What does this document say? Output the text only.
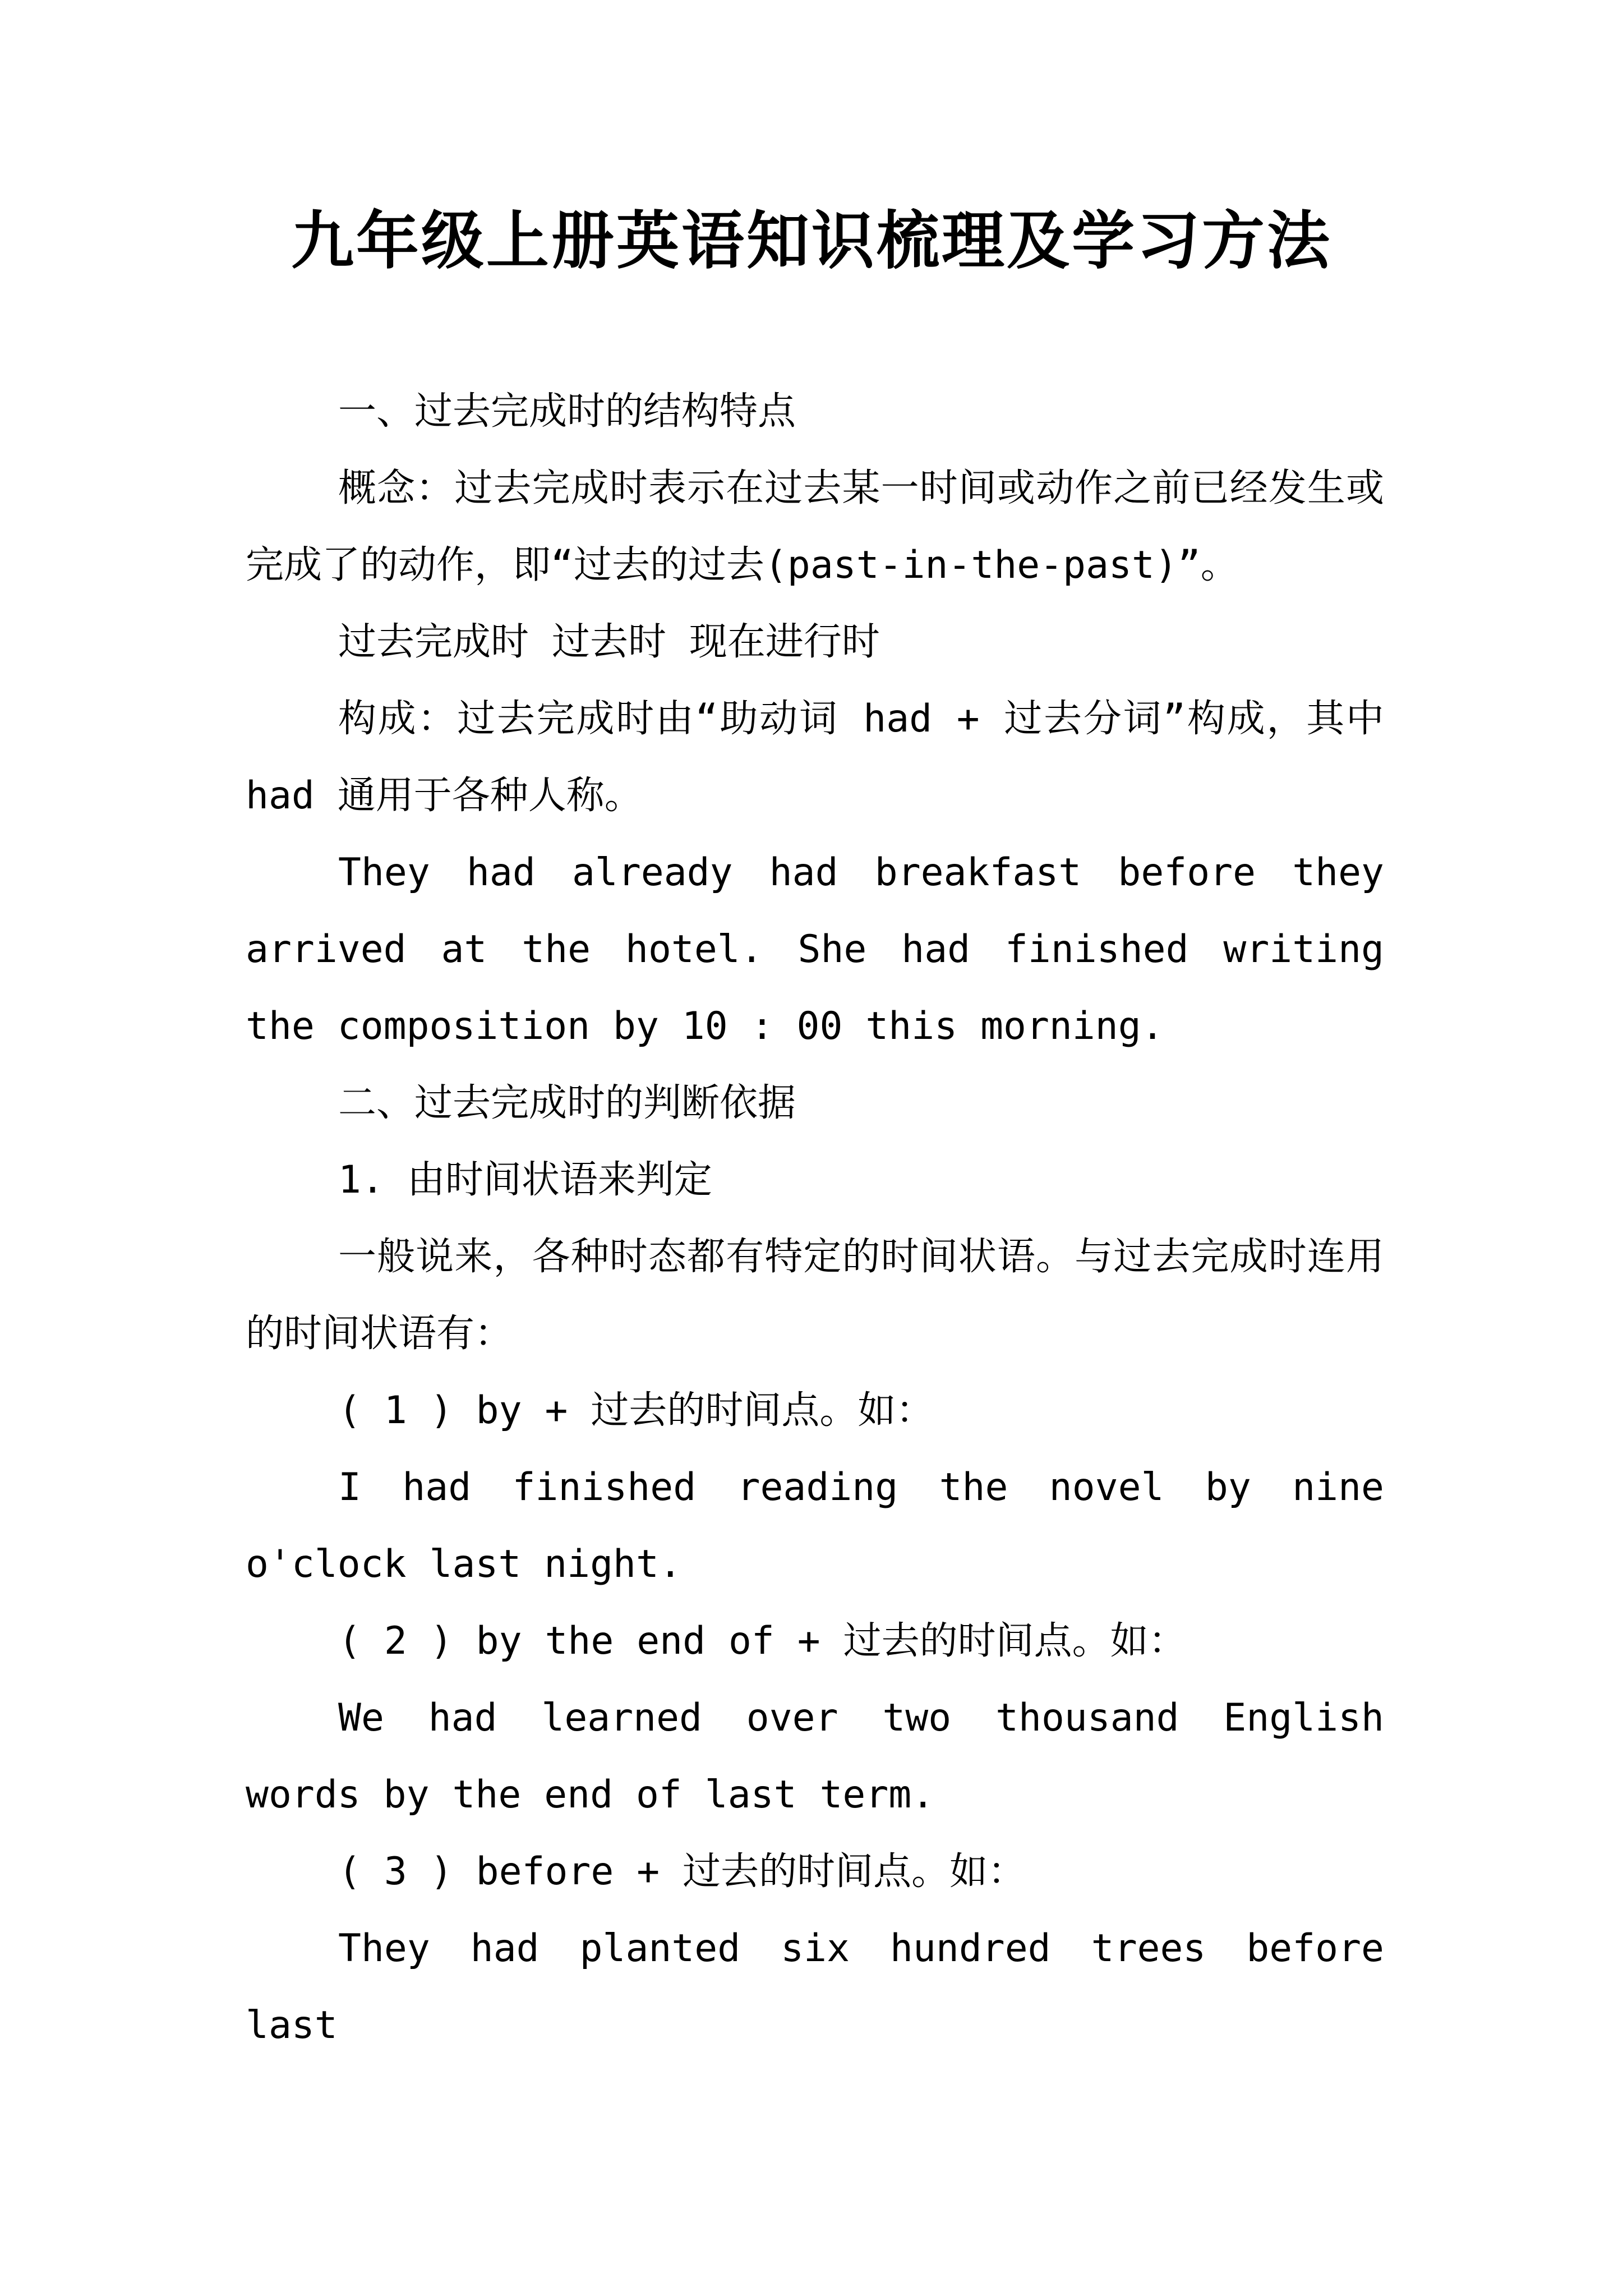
九年级上册英语知识梳理及学习方法

一、过去完成时的结构特点

概念：过去完成时表示在过去某一时间或动作之前已经发生或完成了的动作，即“过去的过去(past-in-the-past)”。

过去完成时 过去时 现在进行时

构成：过去完成时由“助动词 had + 过去分词”构成，其中 had 通用于各种人称。

They had already had breakfast before they arrived at the hotel. She had finished writing the composition by 10 : 00 this morning.

二、过去完成时的判断依据

1. 由时间状语来判定

一般说来，各种时态都有特定的时间状语。与过去完成时连用的时间状语有：

( 1 ) by + 过去的时间点。如：

I had finished reading the novel by nine o'clock last night.

( 2 ) by the end of + 过去的时间点。如：

We had learned over two thousand English words by the end of last term.

( 3 ) before + 过去的时间点。如：

They had planted six hundred trees before last
